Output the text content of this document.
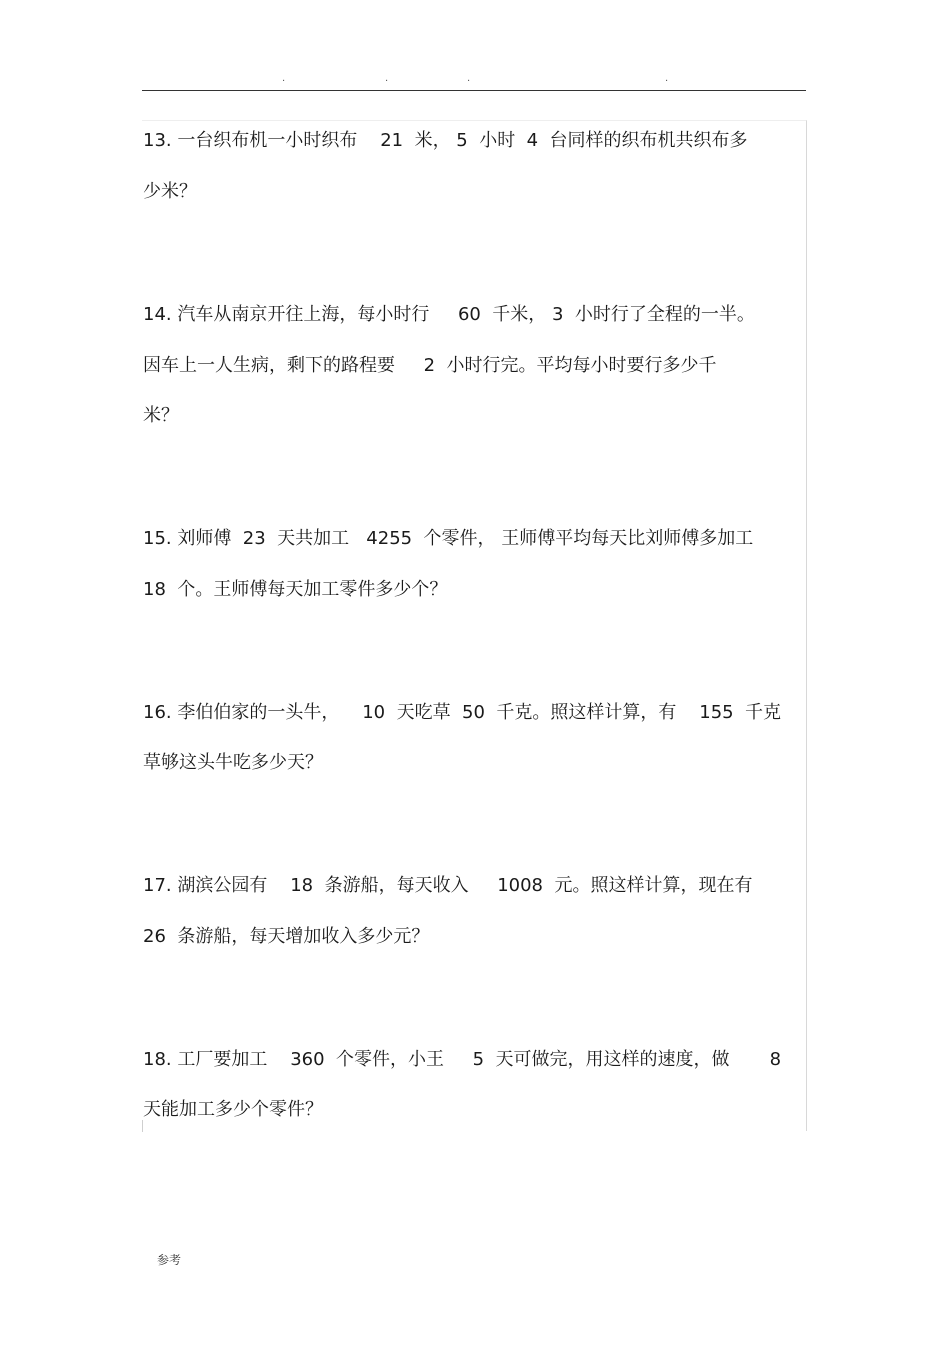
.	.	.	.
13. 一台织布机一小时织布    21  米， 5  小时  4  台同样的织布机共织布多
少米？
14. 汽车从南京开往上海，每小时行     60  千米， 3  小时行了全程的一半。
因车上一人生病，剩下的路程要     2  小时行完。平均每小时要行多少千
米？
15. 刘师傅  23  天共加工   4255  个零件， 王师傅平均每天比刘师傅多加工
18  个。王师傅每天加工零件多少个？
16. 李伯伯家的一头牛，    10  天吃草  50  千克。照这样计算，有    155  千克
草够这头牛吃多少天？
17. 湖滨公园有    18  条游船，每天收入     1008  元。照这样计算，现在有
26  条游船，每天增加收入多少元？
18. 工厂要加工    360  个零件，小王     5  天可做完，用这样的速度，做       8
天能加工多少个零件？
参考
